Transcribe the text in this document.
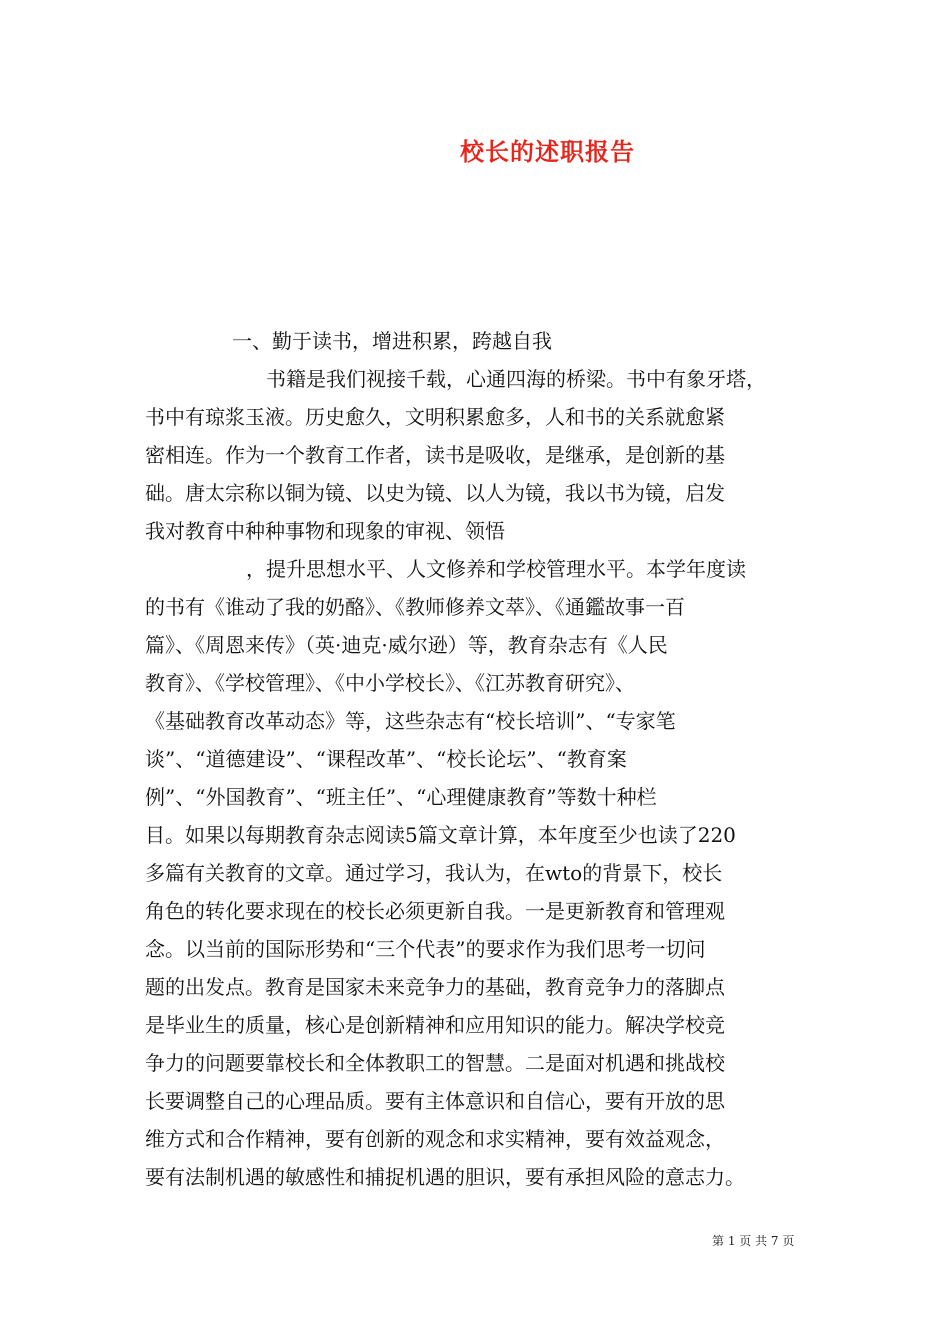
校长的述职报告
一、勤于读书，增进积累，跨越自我
　书籍是我们视接千载，心通四海的桥梁。书中有象牙塔，
书中有琼浆玉液。历史愈久，文明积累愈多，人和书的关系就愈紧
密相连。作为一个教育工作者，读书是吸收，是继承，是创新的基
础。唐太宗称以铜为镜、以史为镜、以人为镜，我以书为镜，启发
我对教育中种种事物和现象的审视、领悟
，提升思想水平、人文修养和学校管理水平。本学年度读
的书有《谁动了我的奶酪》、《教师修养文萃》、《通鑑故事一百
篇》、《周恩来传》（英·迪克·威尔逊）等，教育杂志有《人民
教育》、《学校管理》、《中小学校长》、《江苏教育研究》、
《基础教育改革动态》等，这些杂志有“校长培训”、“专家笔
谈”、“道德建设”、“课程改革”、“校长论坛”、“教育案
例”、“外国教育”、“班主任”、“心理健康教育”等数十种栏
目。如果以每期教育杂志阅读5篇文章计算，本年度至少也读了220
多篇有关教育的文章。通过学习，我认为，在wto的背景下，校长
角色的转化要求现在的校长必须更新自我。一是更新教育和管理观
念。以当前的国际形势和“三个代表”的要求作为我们思考一切问
题的出发点。教育是国家未来竞争力的基础，教育竞争力的落脚点
是毕业生的质量，核心是创新精神和应用知识的能力。解决学校竞
争力的问题要靠校长和全体教职工的智慧。二是面对机遇和挑战校
长要调整自己的心理品质。要有主体意识和自信心，要有开放的思
维方式和合作精神，要有创新的观念和求实精神，要有效益观念，
要有法制机遇的敏感性和捕捉机遇的胆识，要有承担风险的意志力。
第 1 页 共 7 页
